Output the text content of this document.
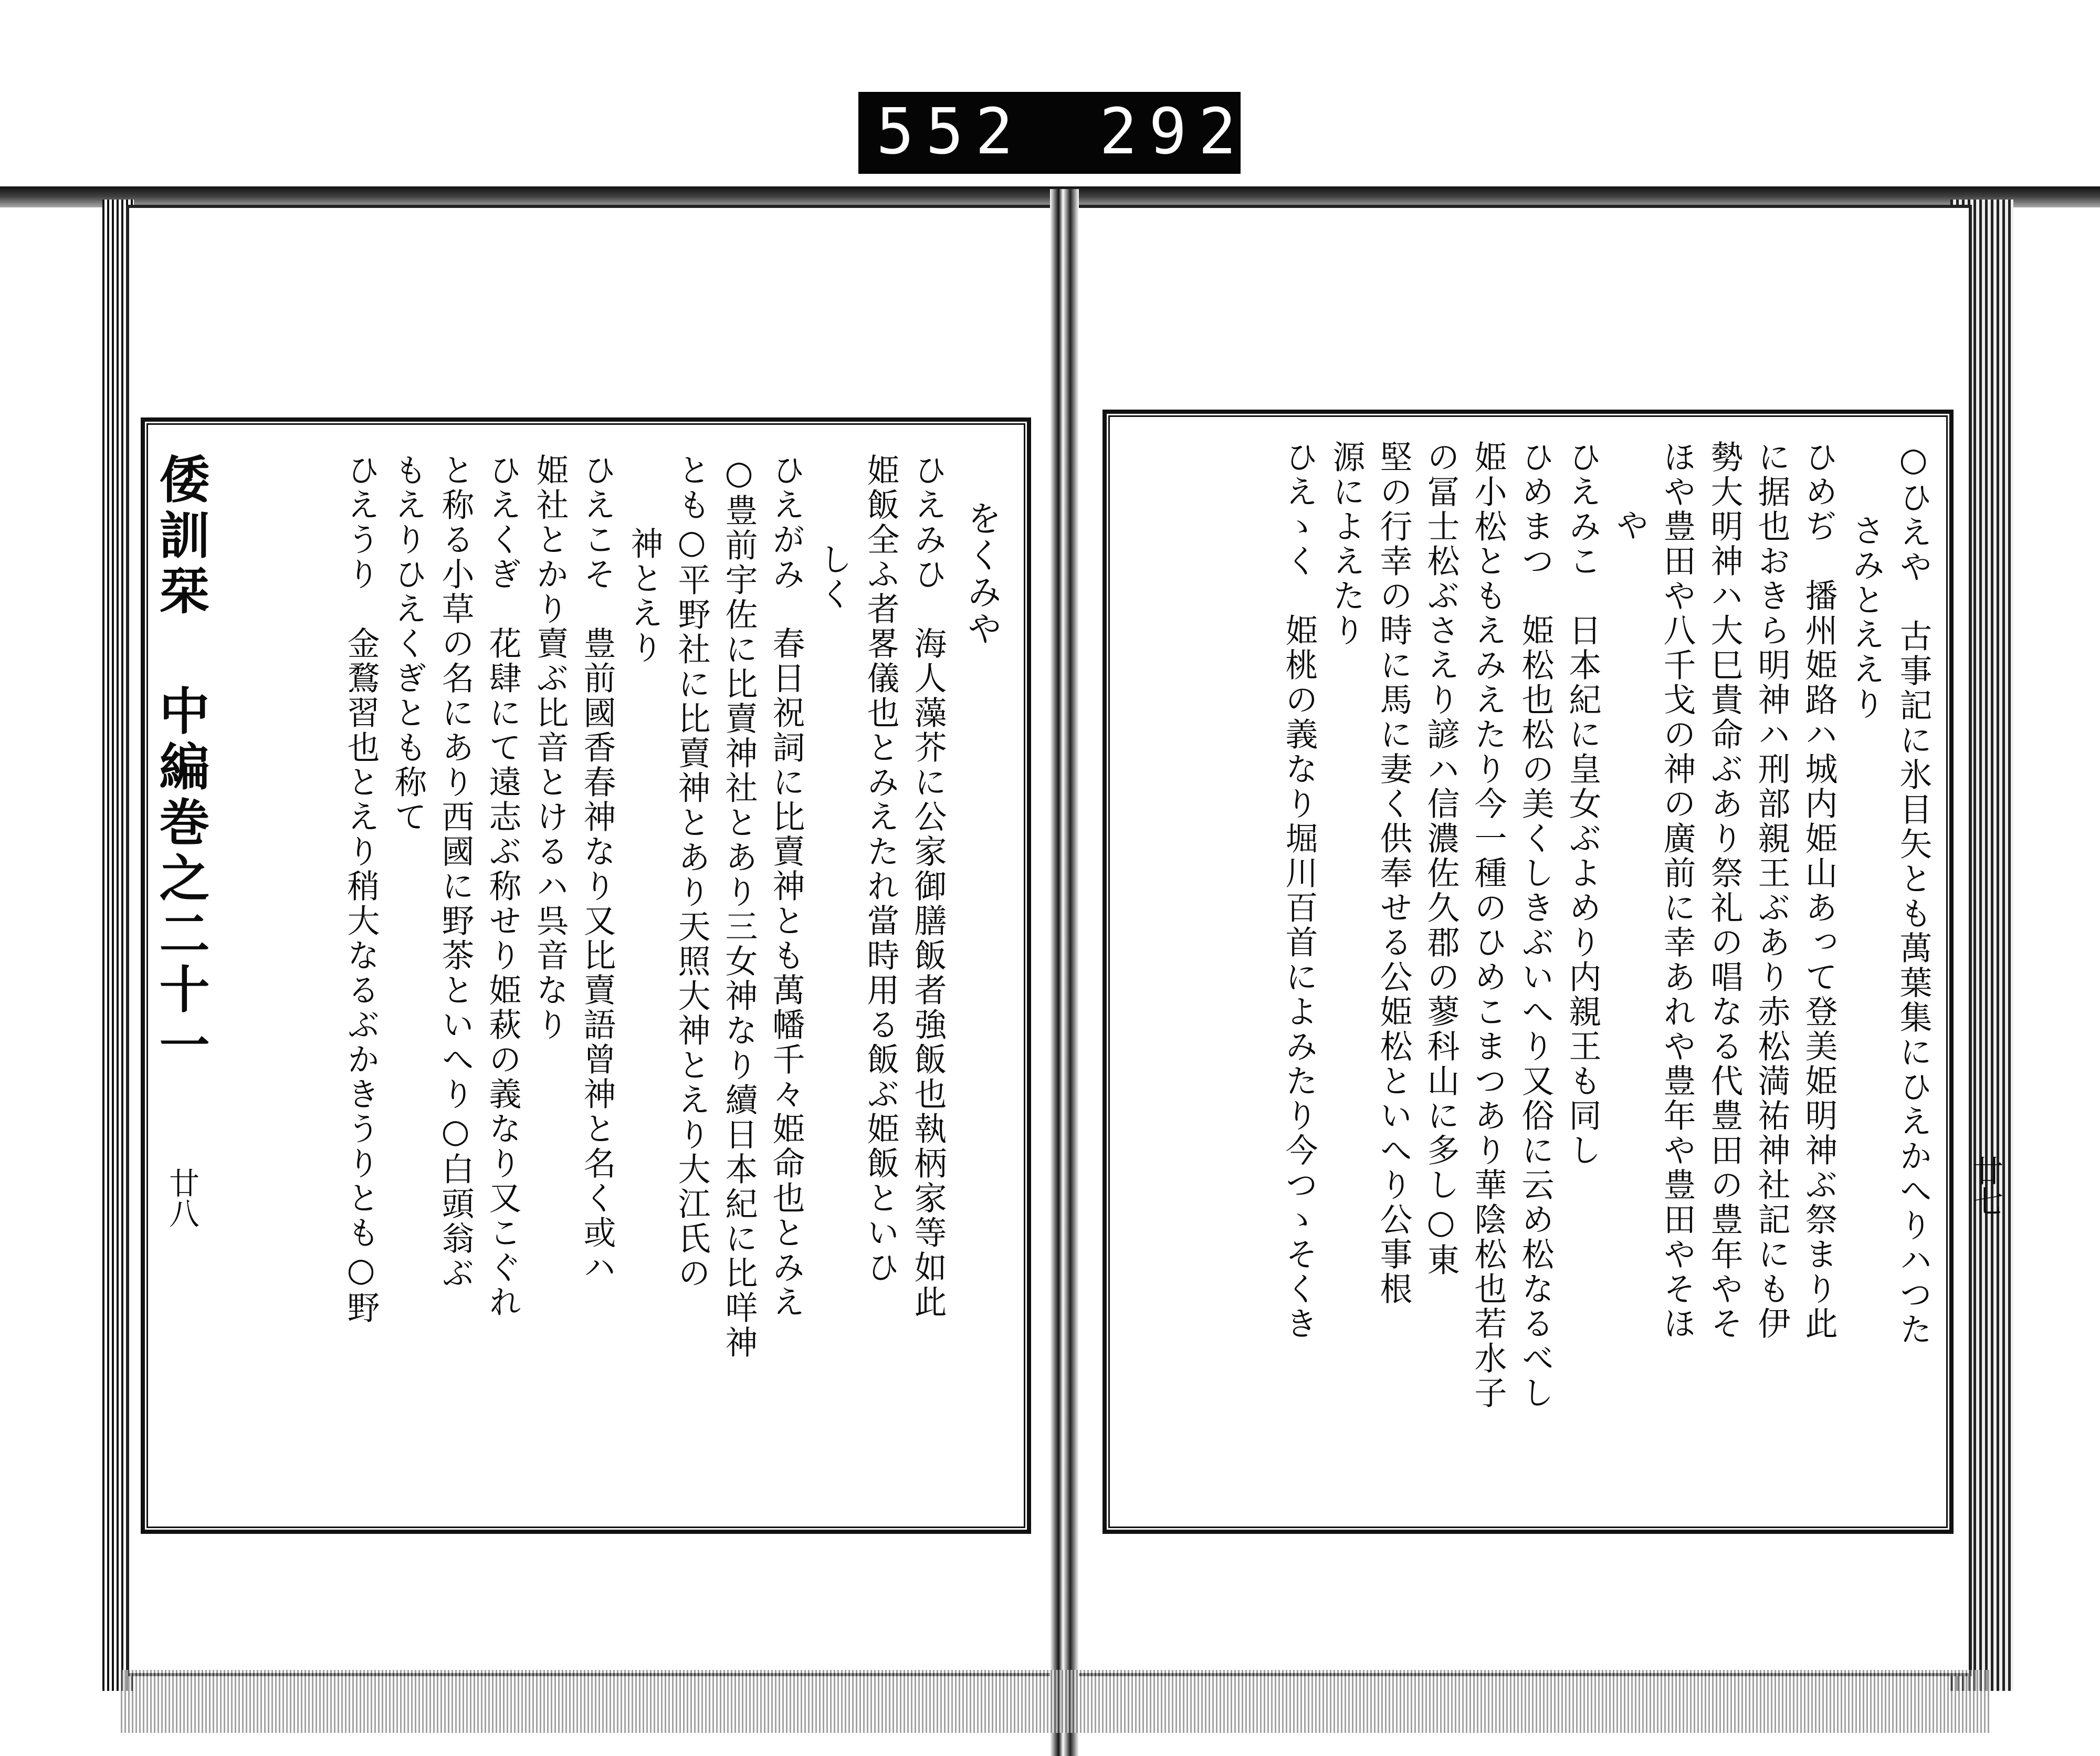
552 292.
倭訓栞 中編巻之二十一
廿八
をくみや
ひえみひ　海人藻芥に公家御膳飯者強飯也執柄家等如此
姫飯全ふ者畧儀也とみえたれ當時用る飯ぶ姫飯といひ
しく
ひえがみ　春日祝詞に比賣神とも萬幡千々姫命也とみえ
○豊前宇佐に比賣神社とあり三女神なり續日本紀に比咩神
とも○平野社に比賣神とあり天照大神とえり大江氏の
神とえり
ひえこそ　豊前國香春神なり又比賣語曾神と名く或ハ
姫社とかり賣ぶ比音とけるハ呉音なり
ひえくぎ　花肆にて遠志ぶ称せり姫萩の義なり又こぐれ
と称る小草の名にあり西國に野茶といへり○白頭翁ぶ
もえりひえくぎとも称て
ひえうり　金鶩習也とえり稍大なるぶかきうりとも○野	○ひえや　古事記に氷目矢とも萬葉集にひえかへりハつた
さみとええり
ひめぢ　播州姫路ハ城内姫山あって登美姫明神ぶ祭まり此
に据也おきら明神ハ刑部親王ぶあり赤松満祐神社記にも伊
勢大明神ハ大巳貴命ぶあり祭礼の唱なる代豊田の豊年やそ
ほや豊田や八千戈の神の廣前に幸あれや豊年や豊田やそほ
や
ひえみこ　日本紀に皇女ぶよめり内親王も同し
ひめまつ　姫松也松の美くしきぶいへり又俗に云め松なるべし
姫小松ともえみえたり今一種のひめこまつあり華陰松也若水子
の冨士松ぶさえり諺ハ信濃佐久郡の蓼科山に多し○東
堅の行幸の時に馬に妻く供奉せる公姫松といへり公事根
源によえたり
ひえゝく　姫桃の義なり堀川百首によみたり今つゝそくき	廿七
